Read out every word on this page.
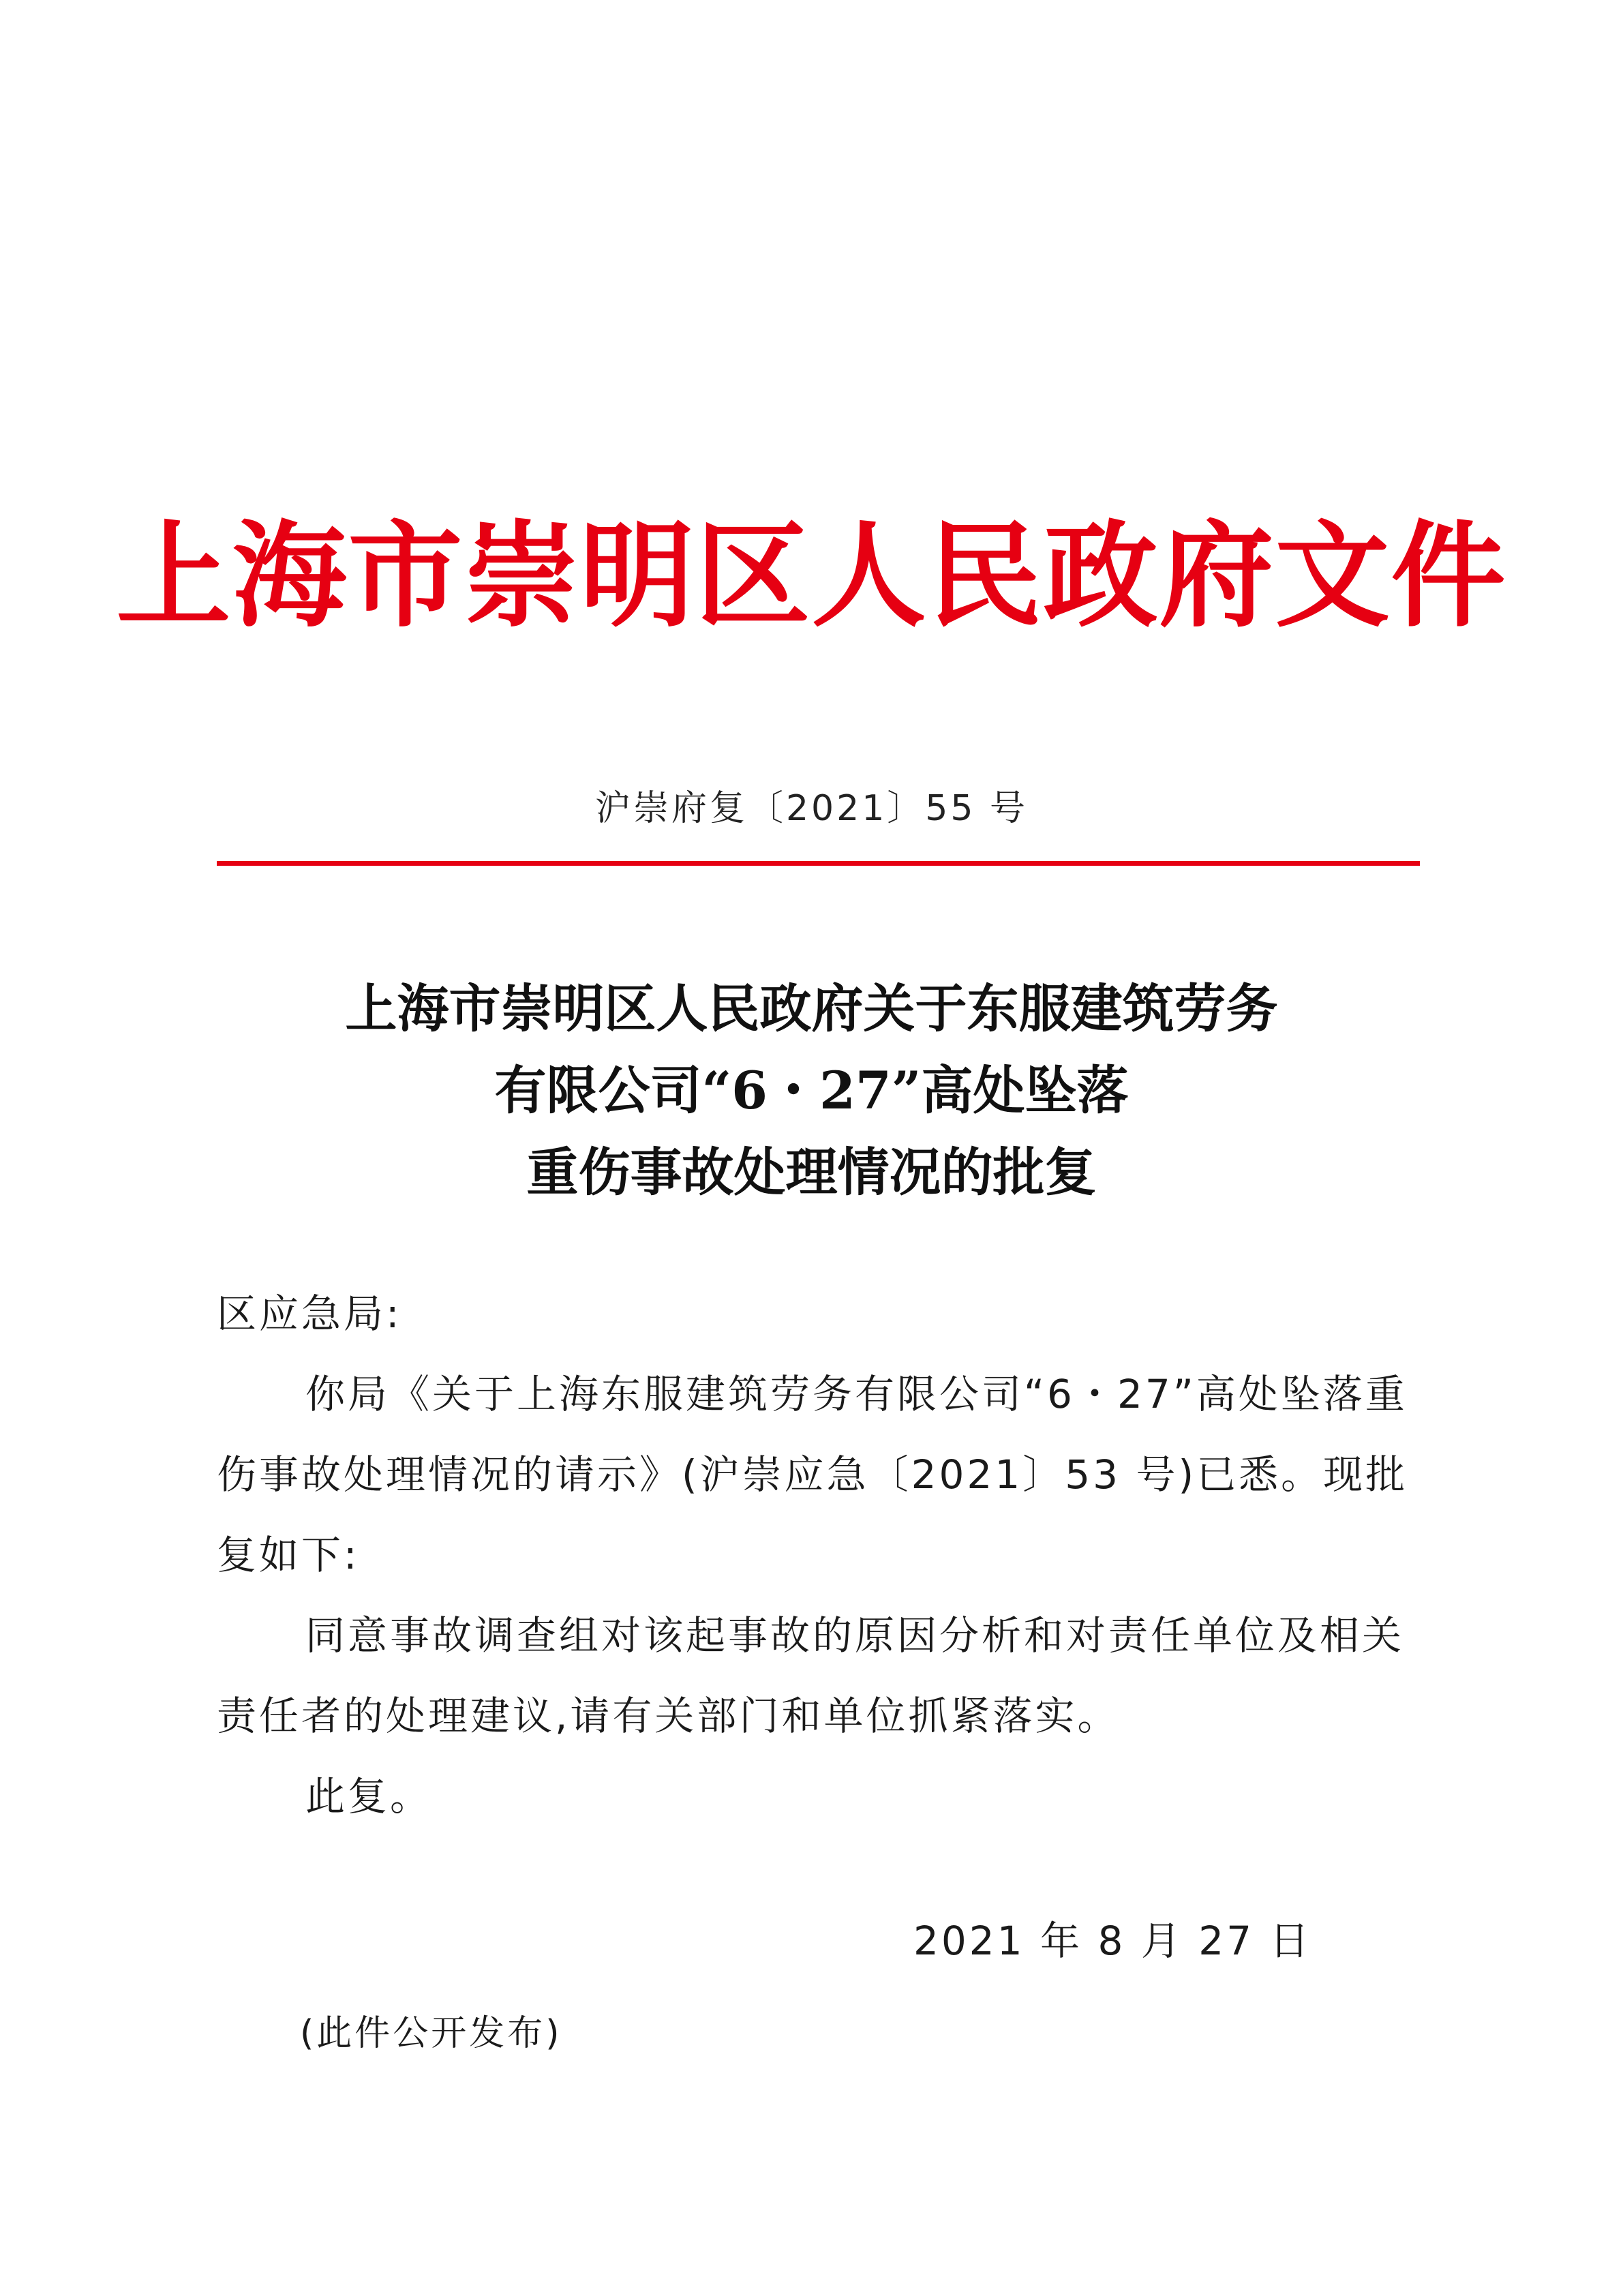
上海市崇明区人民政府文件
沪崇府复〔2021〕55 号
上海市崇明区人民政府关于东服建筑劳务
有限公司“6・27”高处坠落
重伤事故处理情况的批复
区应急局:
你局《关于上海东服建筑劳务有限公司“6・27”高处坠落重伤事故处理情况的请示》(沪崇应急〔2021〕53 号)已悉。现批复如下:
同意事故调查组对该起事故的原因分析和对责任单位及相关责任者的处理建议,请有关部门和单位抓紧落实。
此复。
2021 年 8 月 27 日
(此件公开发布)
